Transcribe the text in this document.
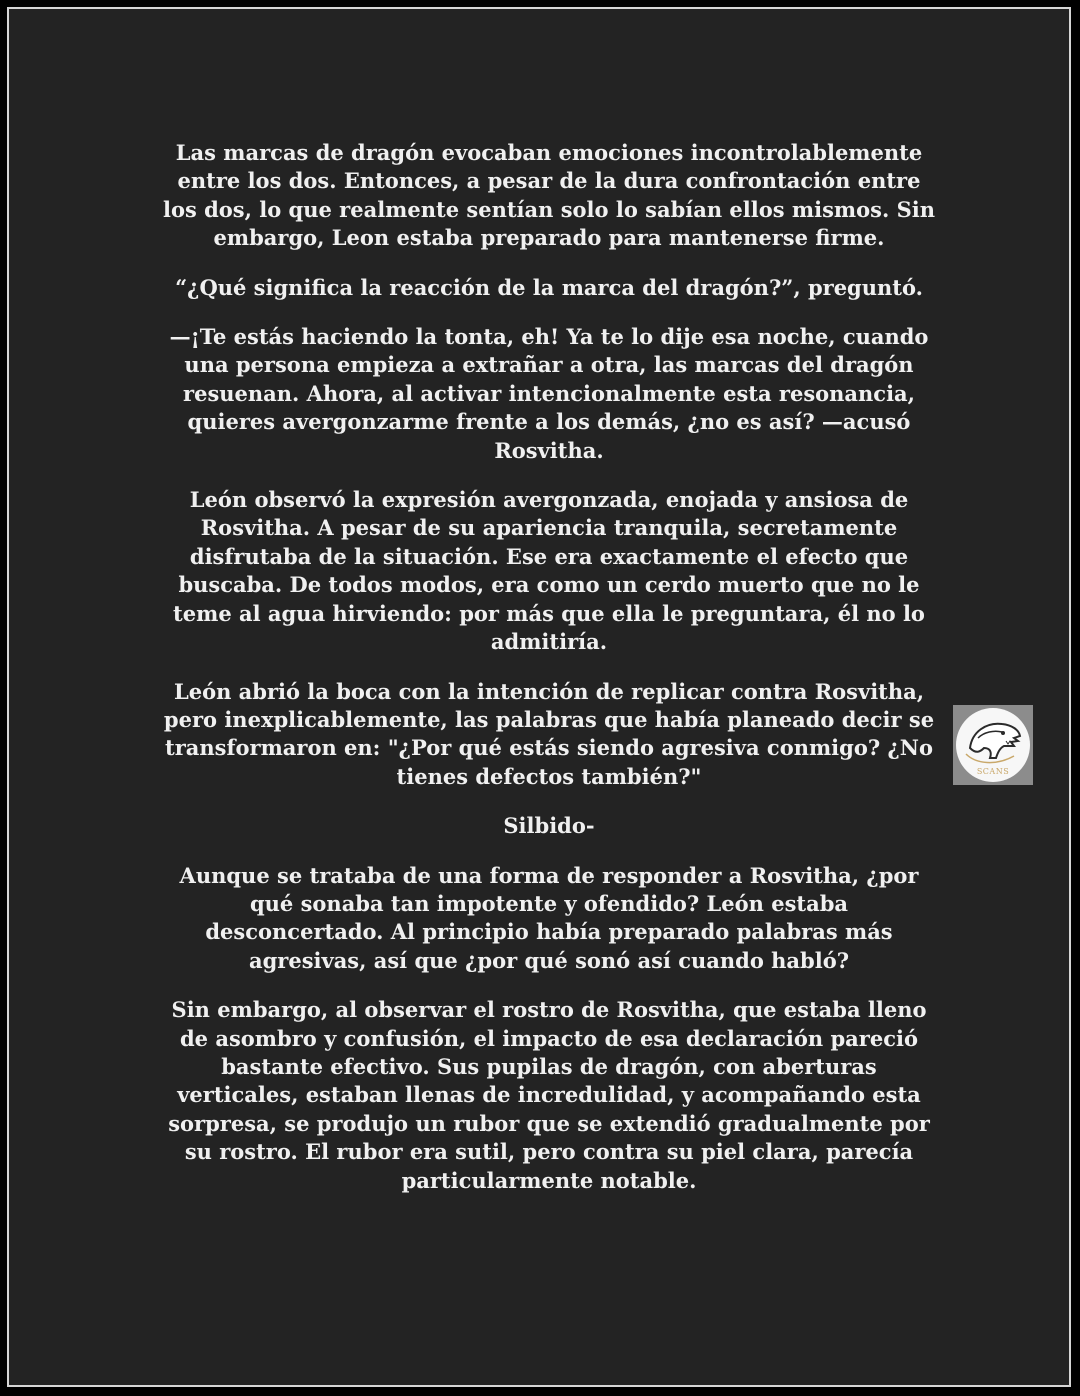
Las marcas de dragón evocaban emociones incontrolablemente entre los dos. Entonces, a pesar de la dura confrontación entre los dos, lo que realmente sentían solo lo sabían ellos mismos. Sin embargo, Leon estaba preparado para mantenerse firme.

“¿Qué significa la reacción de la marca del dragón?”, preguntó.

—¡Te estás haciendo la tonta, eh! Ya te lo dije esa noche, cuando una persona empieza a extrañar a otra, las marcas del dragón resuenan. Ahora, al activar intencionalmente esta resonancia, quieres avergonzarme frente a los demás, ¿no es así? —acusó Rosvitha.

León observó la expresión avergonzada, enojada y ansiosa de Rosvitha. A pesar de su apariencia tranquila, secretamente disfrutaba de la situación. Ese era exactamente el efecto que buscaba. De todos modos, era como un cerdo muerto que no le teme al agua hirviendo: por más que ella le preguntara, él no lo admitiría.

León abrió la boca con la intención de replicar contra Rosvitha, pero inexplicablemente, las palabras que había planeado decir se transformaron en: "¿Por qué estás siendo agresiva conmigo? ¿No tienes defectos también?"

Silbido-

Aunque se trataba de una forma de responder a Rosvitha, ¿por qué sonaba tan impotente y ofendido? León estaba desconcertado. Al principio había preparado palabras más agresivas, así que ¿por qué sonó así cuando habló?

Sin embargo, al observar el rostro de Rosvitha, que estaba lleno de asombro y confusión, el impacto de esa declaración pareció bastante efectivo. Sus pupilas de dragón, con aberturas verticales, estaban llenas de incredulidad, y acompañando esta sorpresa, se produjo un rubor que se extendió gradualmente por su rostro. El rubor era sutil, pero contra su piel clara, parecía particularmente notable.

SCANS
